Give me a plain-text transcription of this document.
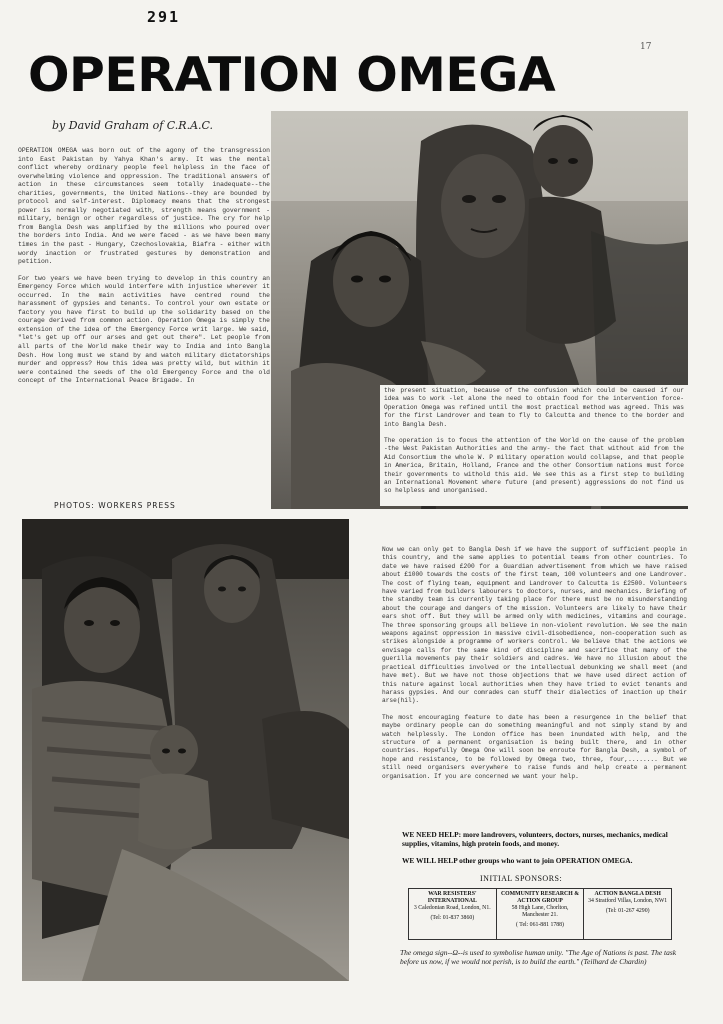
291
17
OPERATION OMEGA
by David Graham of C.R.A.C.

OPERATION OMEGA was born out of the agony of the transgression into East Pakistan by Yahya Khan's army. It was the mental conflict whereby ordinary people feel helpless in the face of overwhelming violence and oppression. The traditional answers of action in these circumstances seem totally inadequate--the charities, governments, the United Nations--they are bounded by protocol and self-interest. Diplomacy means that the strongest power is normally negotiated with, strength means government - military, benign or other regardless of justice. The cry for help from Bangla Desh was amplified by the millions who poured over the borders into India. And we were faced - as we have been many times in the past - Hungary, Czechoslovakia, Biafra - either with wordy inaction or frustrated gestures by demonstration and petition.

For two years we have been trying to develop in this country an Emergency Force which would interfere with injustice wherever it occurred. In the main activities have centred round the harassment of gypsies and tenants. To control your own estate or factory you have first to build up the solidarity based on the courage derived from common action. Operation Omega is simply the extension of the idea of the Emergency Force writ large. We said, "let's get up off our arses and get out there". Let people from all parts of the World make their way to India and into Bangla Desh. How long must we stand by and watch military dictatorships murder and oppress? How this idea was pretty wild, but within it were contained the seeds of the old Emergency Force and the old concept of the International Peace Brigade. In

the present situation, because of the confusion which could be caused if our idea was to work -let alone the need to obtain food for the intervention force- Operation Omega was refined until the most practical method was agreed. This was for the first Landrover and team to fly to Calcutta and thence to the border and into Bangla Desh.

The operation is to focus the attention of the World on the cause of the problem -the West Pakistan Authorities and the army- the fact that without aid from the Aid Consortium the whole W. P military operation would collapse, and that people in America, Britain, Holland, France and the other Consortium nations must force their governments to withold this aid. We see this as a first step to building an International Movement where future (and present) aggressions do not find us so helpless and unorganised.

PHOTOS: WORKERS PRESS

Now we can only get to Bangla Desh if we have the support of sufficient people in this country, and the same applies to potential teams from other countries. To date we have raised £200 for a Guardian advertisement from which we have raised about £1000 towards the costs of the first team, 100 volunteers and one Landrover. The cost of flying team, equipment and Landrover to Calcutta is £2500. Volunteers have varied from builders labourers to doctors, nurses, and mechanics. Briefing of the standby team is currently taking place for there must be no misunderstanding about the courage and dangers of the mission. Volunteers are likely to have their ears shot off. But they will be armed only with medicines, vitamins and courage. The three sponsoring groups all believe in non-violent revolution. We see the main weapons against oppression in massive civil-disobedience, non-cooperation such as strikes alongside a programme of workers control. We believe that the actions we envisage calls for the same kind of discipline and sacrifice that many of the guerilla movements pay their soldiers and cadres. We have no illusion about the practical difficulties involved or the intellectual debunking we shall meet (and have met). But we have not those objections that we have used direct action of this nature against local authorities when they have tried to evict tenants and harass gypsies. And our comrades can stuff their dialectics of inaction up their arse(hil).

The most encouraging feature to date has been a resurgence in the belief that maybe ordinary people can do something meaningful and not simply stand by and watch helplessly. The London office has been inundated with help, and the structure of a permanent organisation is being built there, and in other countries. Hopefully Omega One will soon be enroute for Bangla Desh, a symbol of hope and resistance, to be followed by Omega two, three, four,........ But we still need organisers everywhere to raise funds and help create a permanent organisation. If you are concerned we want your help.

WE NEED HELP: more landrovers, volunteers, doctors, nurses, mechanics, medical supplies, vitamins, high protein foods, and money.

WE WILL HELP other groups who want to join OPERATION OMEGA.

INITIAL SPONSORS:
WAR RESISTERS' INTERNATIONAL
3 Caledonian Road, London, N1.
(Tel: 01-837 3860)
COMMUNITY RESEARCH & ACTION GROUP
58 High Lane, Chorlton, Manchester 21.
( Tel: 061-881 1788)
ACTION BANGLA DESH
34 Stratford Villas, London, NW1
(Tel: 01-267 4290)

The omega sign--Ω--is used to symbolise human unity. "The Age of Nations is past. The task before us now, if we would not perish, is to build the earth." (Teilhard de Chardin)
